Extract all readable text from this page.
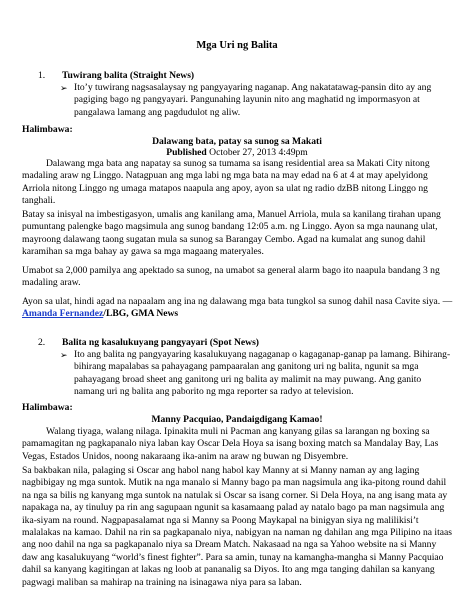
Mga Uri ng Balita
1. Tuwirang balita (Straight News)
➢ Ito’y tuwirang nagsasalaysay ng pangyayaring naganap. Ang nakatatawag-pansin dito ay ang pagiging bago ng pangyayari. Pangunahing layunin nito ang maghatid ng impormasyon at pangalawa lamang ang pagdudulot ng aliw.

Halimbawa:
Dalawang bata, patay sa sunog sa Makati
Published October 27, 2013 4:49pm

Dalawang mga bata ang napatay sa sunog sa tumama sa isang residential area sa Makati City nitong madaling araw ng Linggo. Natagpuan ang mga labi ng mga bata na may edad na 6 at 4 at may apelyidong Arriola nitong Linggo ng umaga matapos naapula ang apoy, ayon sa ulat ng radio dzBB nitong Linggo ng tanghali.

Batay sa inisyal na imbestigasyon, umalis ang kanilang ama, Manuel Arriola, mula sa kanilang tirahan upang pumuntang palengke bago magsimula ang sunog bandang 12:05 a.m. ng Linggo. Ayon sa mga naunang ulat, mayroong dalawang taong sugatan mula sa sunog sa Barangay Cembo. Agad na kumalat ang sunog dahil karamihan sa mga bahay ay gawa sa mga magaang materyales.

Umabot sa 2,000 pamilya ang apektado sa sunog, na umabot sa general alarm bago ito naapula bandang 3 ng madaling araw.

Ayon sa ulat, hindi agad na napaalam ang ina ng dalawang mga bata tungkol sa sunog dahil nasa Cavite siya. — Amanda Fernandez/LBG, GMA News
2. Balita ng kasalukuyang pangyayari (Spot News)
➢ Ito ang balita ng pangyayaring kasalukuyang nagaganap o kagaganap-ganap pa lamang. Bihirang-bihirang mapalabas sa pahayagang pampaaralan ang ganitong uri ng balita, ngunit sa mga pahayagang broad sheet ang ganitong uri ng balita ay malimit na may puwang. Ang ganito namang uri ng balita ang paborito ng mga reporter sa radyo at television.

Halimbawa:
Manny Pacquiao, Pandaigdigang Kamao!

Walang tiyaga, walang nilaga. Ipinakita muli ni Pacman ang kanyang gilas sa larangan ng boxing sa pamamagitan ng pagkapanalo niya laban kay Oscar Dela Hoya sa isang boxing match sa Mandalay Bay, Las Vegas, Estados Unidos, noong nakaraang ika-anim na araw ng buwan ng Disyembre.

Sa bakbakan nila, palaging si Oscar ang habol nang habol kay Manny at si Manny naman ay ang laging nagbibigay ng mga suntok. Mutik na nga manalo si Manny bago pa man nagsimula ang ika-pitong round dahil na nga sa bilis ng kanyang mga suntok na natulak si Oscar sa isang corner. Si Dela Hoya, na ang isang mata ay napakaga na, ay tinuluy pa rin ang sagupaan ngunit sa kasamaang palad ay natalo bago pa man nagsimula ang ika-siyam na round. Nagpapasalamat nga si Manny sa Poong Maykapal na binigyan siya ng malilikisi’t malalakas na kamao. Dahil na rin sa pagkapanalo niya, nabigyan na naman ng dahilan ang mga Pilipino na itaas ang noo dahil na nga sa pagkapanalo niya sa Dream Match. Nakasaad na nga sa Yahoo website na si Manny daw ang kasalukuyang “world’s finest fighter”. Para sa amin, tunay na kamangha-mangha si Manny Pacquiao dahil sa kanyang kagitingan at lakas ng loob at pananalig sa Diyos. Ito ang mga tanging dahilan sa kanyang pagwagi maliban sa mahirap na training na isinagawa niya para sa laban.
